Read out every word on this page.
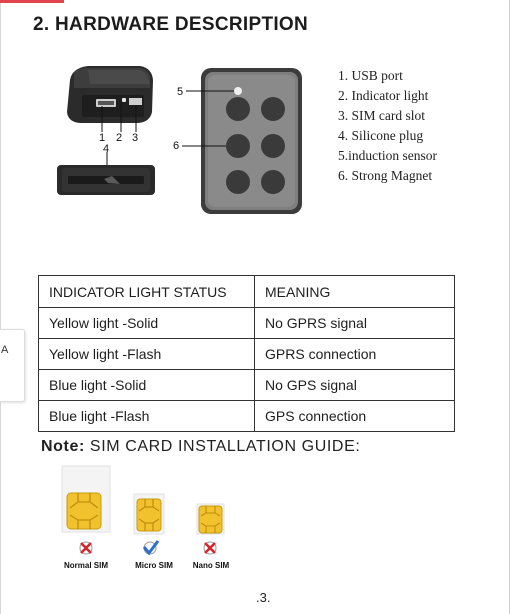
2. HARDWARE DESCRIPTION
A
1 2 3
4
5
6
1. USB port
2. Indicator light
3. SIM card slot
4. Silicone plug
5.induction sensor
6. Strong Magnet
INDICATOR LIGHT STATUS	MEANING
Yellow light -Solid	No GPRS signal
Yellow light -Flash	GPRS connection
Blue light -Solid	No GPS signal
Blue light -Flash	GPS connection
Note: SIM CARD INSTALLATION GUIDE:
Normal SIM	Micro SIM	Nano SIM
.3.
